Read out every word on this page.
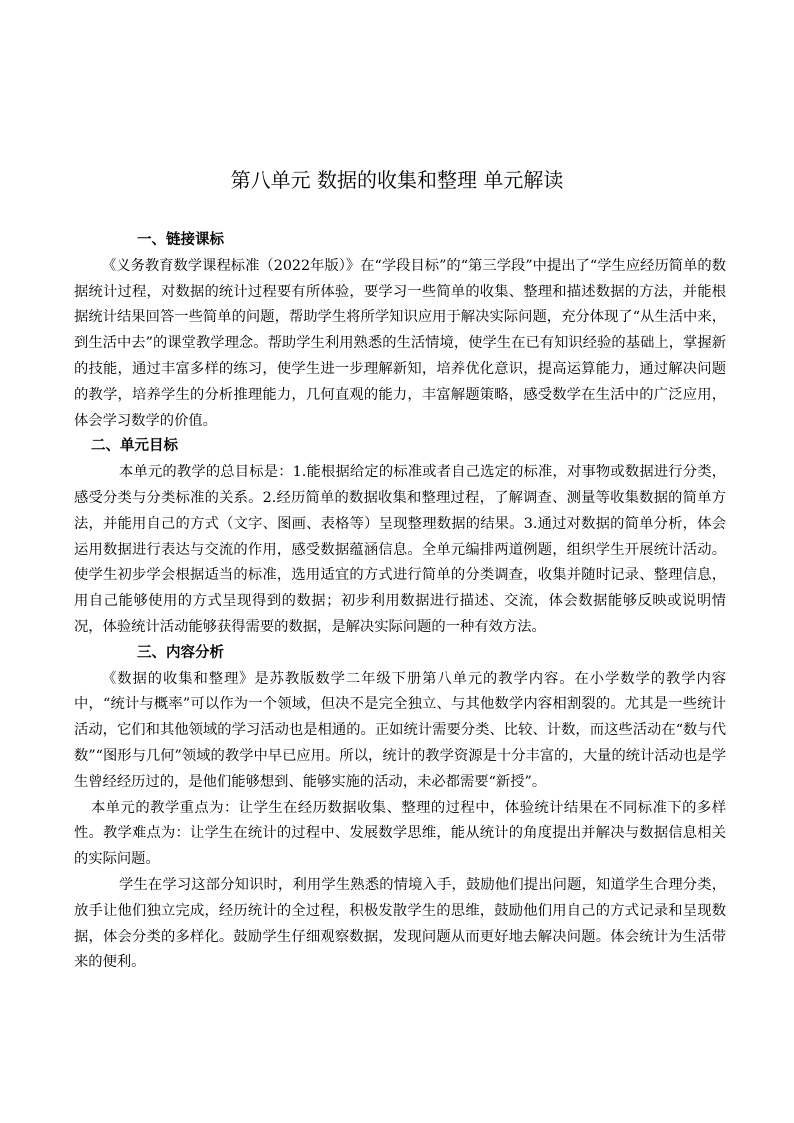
第八单元 数据的收集和整理 单元解读
一、链接课标

《义务教育数学课程标准（2022年版）》在“学段目标”的“第三学段”中提出了“学生应经历简单的数据统计过程，对数据的统计过程要有所体验，要学习一些简单的收集、整理和描述数据的方法，并能根据统计结果回答一些简单的问题，帮助学生将所学知识应用于解决实际问题，充分体现了“从生活中来，到生活中去”的课堂教学理念。帮助学生利用熟悉的生活情境，使学生在已有知识经验的基础上，掌握新的技能，通过丰富多样的练习，使学生进一步理解新知，培养优化意识，提高运算能力，通过解决问题的教学，培养学生的分析推理能力，几何直观的能力，丰富解题策略，感受数学在生活中的广泛应用，体会学习数学的价值。

二、单元目标

本单元的教学的总目标是：1.能根据给定的标准或者自己选定的标准，对事物或数据进行分类，感受分类与分类标准的关系。2.经历简单的数据收集和整理过程，了解调查、测量等收集数据的简单方法，并能用自己的方式（文字、图画、表格等）呈现整理数据的结果。3.通过对数据的简单分析，体会运用数据进行表达与交流的作用，感受数据蕴涵信息。全单元编排两道例题，组织学生开展统计活动。使学生初步学会根据适当的标准，选用适宜的方式进行简单的分类调查，收集并随时记录、整理信息，用自己能够使用的方式呈现得到的数据；初步利用数据进行描述、交流，体会数据能够反映或说明情况，体验统计活动能够获得需要的数据，是解决实际问题的一种有效方法。

三、内容分析

《数据的收集和整理》是苏教版数学二年级下册第八单元的教学内容。在小学数学的教学内容中，“统计与概率”可以作为一个领域，但决不是完全独立、与其他数学内容相割裂的。尤其是一些统计活动，它们和其他领域的学习活动也是相通的。正如统计需要分类、比较、计数，而这些活动在“数与代数”“图形与几何”领域的教学中早已应用。所以，统计的教学资源是十分丰富的，大量的统计活动也是学生曾经经历过的，是他们能够想到、能够实施的活动，未必都需要“新授”。

本单元的教学重点为：让学生在经历数据收集、整理的过程中，体验统计结果在不同标准下的多样性。教学难点为：让学生在统计的过程中、发展数学思维，能从统计的角度提出并解决与数据信息相关的实际问题。

学生在学习这部分知识时，利用学生熟悉的情境入手，鼓励他们提出问题，知道学生合理分类，放手让他们独立完成，经历统计的全过程，积极发散学生的思维，鼓励他们用自己的方式记录和呈现数据，体会分类的多样化。鼓励学生仔细观察数据，发现问题从而更好地去解决问题。体会统计为生活带来的便利。
